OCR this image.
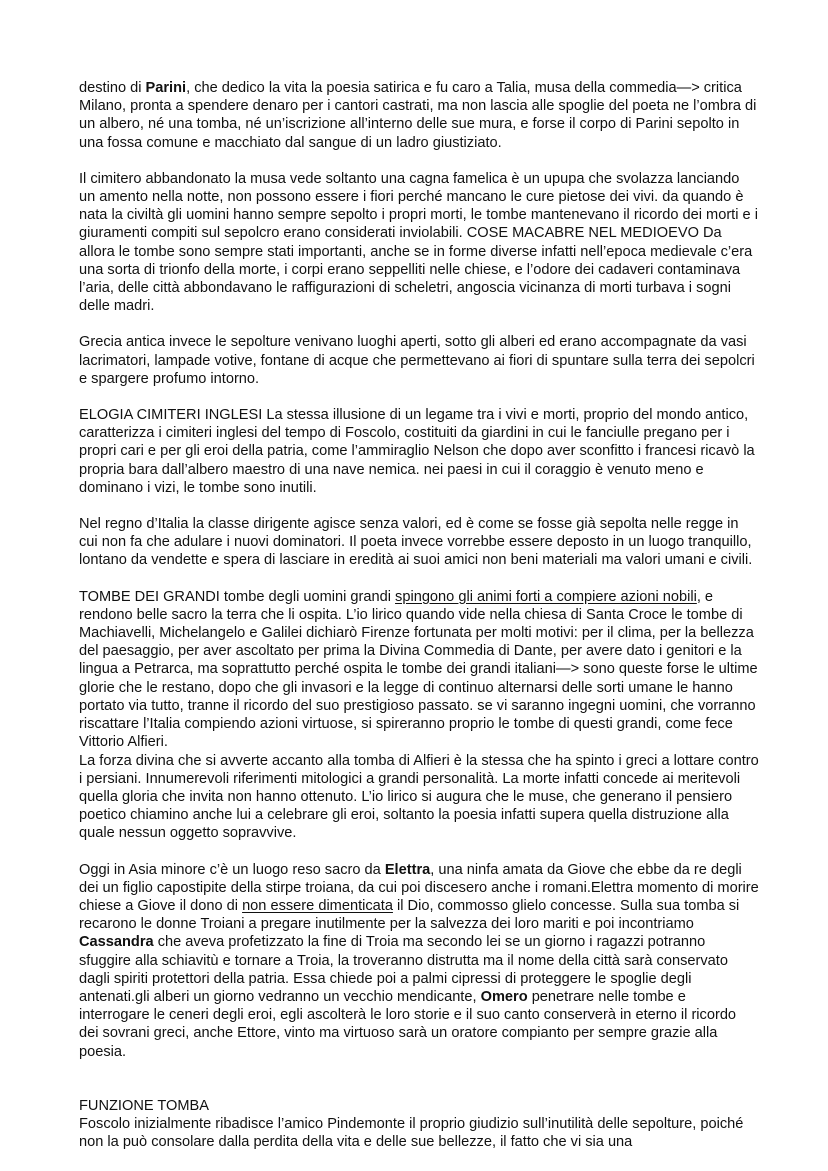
destino di Parini, che dedico la vita la poesia satirica e fu caro a Talia, musa della commedia—> critica Milano, pronta a spendere denaro per i cantori castrati, ma non lascia alle spoglie del poeta ne l’ombra di un albero, né una tomba, né un’iscrizione all’interno delle sue mura, e forse il corpo di Parini sepolto in una fossa comune e macchiato dal sangue di un ladro giustiziato.

Il cimitero abbandonato la musa vede soltanto una cagna famelica è un upupa che svolazza lanciando un amento nella notte, non possono essere i fiori perché mancano le cure pietose dei vivi. da quando è nata la civiltà gli uomini hanno sempre sepolto i propri morti, le tombe mantenevano il ricordo dei morti e i giuramenti compiti sul sepolcro erano considerati inviolabili. COSE MACABRE NEL MEDIOEVO Da allora le tombe sono sempre stati importanti, anche se in forme diverse infatti nell’epoca medievale c’era una sorta di trionfo della morte, i corpi erano seppelliti nelle chiese, e l’odore dei cadaveri contaminava l’aria, delle città abbondavano le raffigurazioni di scheletri, angoscia vicinanza di morti turbava i sogni delle madri.

Grecia antica invece le sepolture venivano luoghi aperti, sotto gli alberi ed erano accompagnate da vasi lacrimatori, lampade votive, fontane di acque che permettevano ai fiori di spuntare sulla terra dei sepolcri e spargere profumo intorno.

ELOGIA CIMITERI INGLESI La stessa illusione di un legame tra i vivi e morti, proprio del mondo antico, caratterizza i cimiteri inglesi del tempo di Foscolo, costituiti da giardini in cui le fanciulle pregano per i propri cari e per gli eroi della patria, come l’ammiraglio Nelson che dopo aver sconfitto i francesi ricavò la propria bara dall’albero maestro di una nave nemica. nei paesi in cui il coraggio è venuto meno e dominano i vizi, le tombe sono inutili.

Nel regno d’Italia la classe dirigente agisce senza valori, ed è come se fosse già sepolta nelle regge in cui non fa che adulare i nuovi dominatori. Il poeta invece vorrebbe essere deposto in un luogo tranquillo, lontano da vendette e spera di lasciare in eredità ai suoi amici non beni materiali ma valori umani e civili.

TOMBE DEI GRANDI tombe degli uomini grandi spingono gli animi forti a compiere azioni nobili, e rendono belle sacro la terra che li ospita. L’io lirico quando vide nella chiesa di Santa Croce le tombe di Machiavelli, Michelangelo e Galilei dichiarò Firenze fortunata per molti motivi: per il clima, per la bellezza del paesaggio, per aver ascoltato per prima la Divina Commedia di Dante, per avere dato i genitori e la lingua a Petrarca, ma soprattutto perché ospita le tombe dei grandi italiani—> sono queste forse le ultime glorie che le restano, dopo che gli invasori e la legge di continuo alternarsi delle sorti umane le hanno portato via tutto, tranne il ricordo del suo prestigioso passato. se vi saranno ingegni uomini, che vorranno riscattare l’Italia compiendo azioni virtuose, si spireranno proprio le tombe di questi grandi, come fece Vittorio Alfieri.

La forza divina che si avverte accanto alla tomba di Alfieri è la stessa che ha spinto i greci a lottare contro i persiani. Innumerevoli riferimenti mitologici a grandi personalità. La morte infatti concede ai meritevoli quella gloria che invita non hanno ottenuto. L’io lirico si augura che le muse, che generano il pensiero poetico chiamino anche lui a celebrare gli eroi, soltanto la poesia infatti supera quella distruzione alla quale nessun oggetto sopravvive.

Oggi in Asia minore c’è un luogo reso sacro da Elettra, una ninfa amata da Giove che ebbe da re degli dei un figlio capostipite della stirpe troiana, da cui poi discesero anche i romani.Elettra momento di morire chiese a Giove il dono di non essere dimenticata il Dio, commosso glielo concesse. Sulla sua tomba si recarono le donne Troiani a pregare inutilmente per la salvezza dei loro mariti e poi incontriamo Cassandra che aveva profetizzato la fine di Troia ma secondo lei se un giorno i ragazzi potranno sfuggire alla schiavitù e tornare a Troia, la troveranno distrutta ma il nome della città sarà conservato dagli spiriti protettori della patria. Essa chiede poi a palmi cipressi di proteggere le spoglie degli antenati.gli alberi un giorno vedranno un vecchio mendicante, Omero penetrare nelle tombe e interrogare le ceneri degli eroi, egli ascolterà le loro storie e il suo canto conserverà in eterno il ricordo dei sovrani greci, anche Ettore, vinto ma virtuoso sarà un oratore compianto per sempre grazie alla poesia.

FUNZIONE TOMBA

Foscolo inizialmente ribadisce l’amico Pindemonte il proprio giudizio sull’inutilità delle sepolture, poiché non la può consolare dalla perdita della vita e delle sue bellezze, il fatto che vi sia una
